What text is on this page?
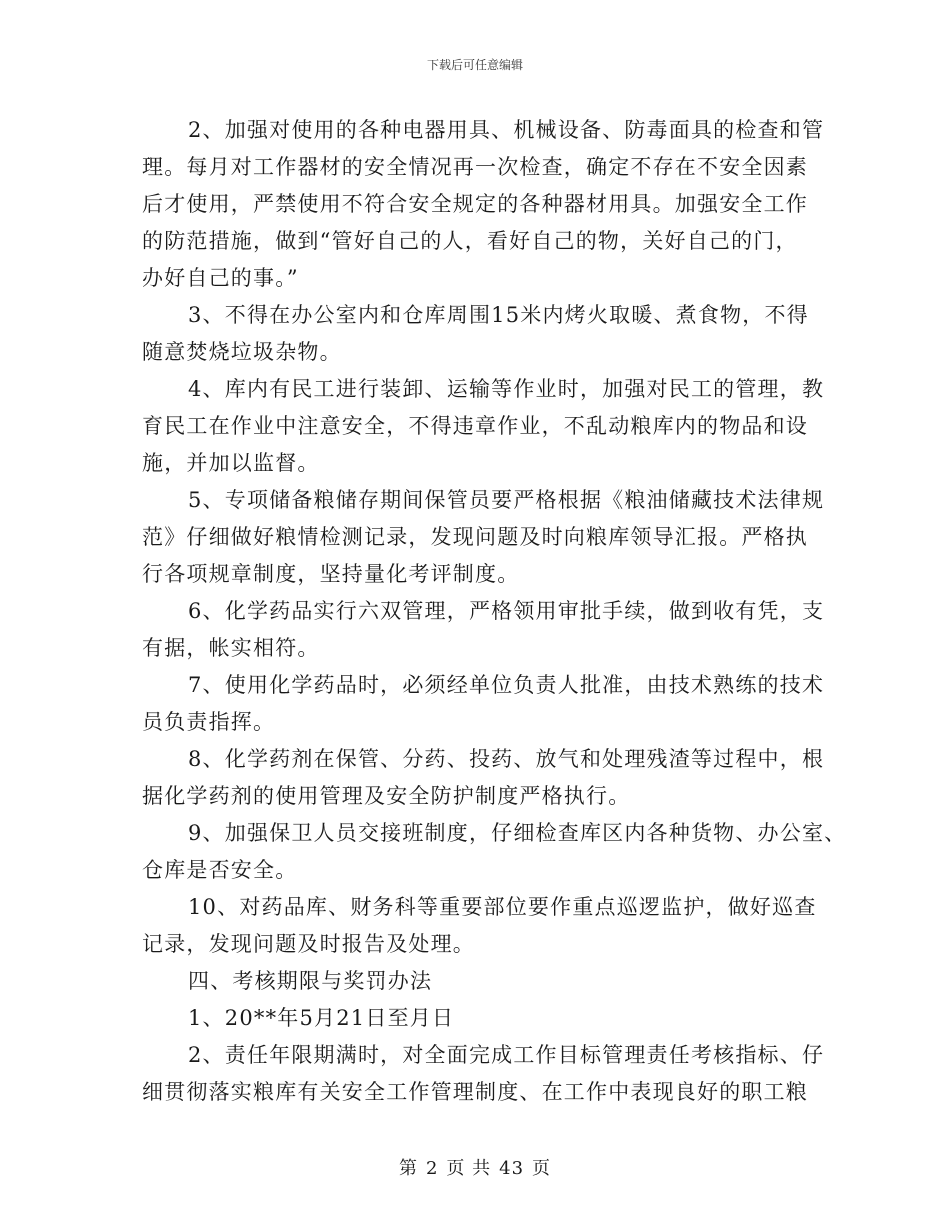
下载后可任意编辑
2、加强对使用的各种电器用具、机械设备、防毒面具的检查和管
理。每月对工作器材的安全情况再一次检查，确定不存在不安全因素
后才使用，严禁使用不符合安全规定的各种器材用具。加强安全工作
的防范措施，做到“管好自己的人，看好自己的物，关好自己的门，
办好自己的事。”
3、不得在办公室内和仓库周围15米内烤火取暖、煮食物，不得
随意焚烧垃圾杂物。
4、库内有民工进行装卸、运输等作业时，加强对民工的管理，教
育民工在作业中注意安全，不得违章作业，不乱动粮库内的物品和设
施，并加以监督。
5、专项储备粮储存期间保管员要严格根据《粮油储藏技术法律规
范》仔细做好粮情检测记录，发现问题及时向粮库领导汇报。严格执
行各项规章制度，坚持量化考评制度。
6、化学药品实行六双管理，严格领用审批手续，做到收有凭，支
有据，帐实相符。
7、使用化学药品时，必须经单位负责人批准，由技术熟练的技术
员负责指挥。
8、化学药剂在保管、分药、投药、放气和处理残渣等过程中，根
据化学药剂的使用管理及安全防护制度严格执行。
9、加强保卫人员交接班制度，仔细检查库区内各种货物、办公室、
仓库是否安全。
10、对药品库、财务科等重要部位要作重点巡逻监护，做好巡查
记录，发现问题及时报告及处理。
四、考核期限与奖罚办法
1、20**年5月21日至月日
2、责任年限期满时，对全面完成工作目标管理责任考核指标、仔
细贯彻落实粮库有关安全工作管理制度、在工作中表现良好的职工粮
第 2 页 共 43 页
